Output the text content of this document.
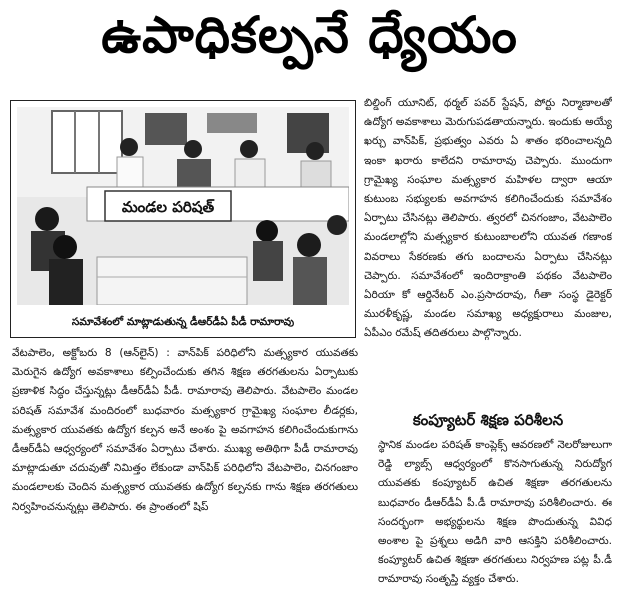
ఉపాధికల్పనే ధ్యేయం
మండల పరిషత్
సమావేశంలో మాట్లాడుతున్న డీఆర్‌డీఏ పీడీ రామారావు

బిల్డింగ్‌ యూనిట్‌, థర్మల్‌ పవర్‌ స్టేషన్‌, పోర్టు నిర్మాణాలతో ఉద్యోగ అవకాశాలు మెరుగుపడతాయన్నారు. ఇందుకు అయ్యే ఖర్చు వాన్‌పిక్‌, ప్రభుత్వం ఎవరు ఏ శాతం భరించాలన్నది ఇంకా ఖరారు కాలేదని రామారావు చెప్పారు. ముందుగా గ్రామైఖ్య సంఘాల మత్స్యకార మహిళల ద్వారా ఆయా కుటుంబ సభ్యులకు అవగాహన కలిగించేందుకు సమావేశం ఏర్పాటు చేసినట్లు తెలిపారు. త్వరలో చినగంజాం, వేటపాలెం మండలాల్లోని మత్స్యకార కుటుంబాలలోని యువత గణాంక వివరాలు సేకరణకు తగు బందాలను ఏర్పాటు చేసినట్లు చెప్పారు. సమావేశంలో ఇందిరాక్రాంతి పథకం వేటపాలెం ఏరియా కో ఆర్డినేటర్‌ ఎం.ప్రసాదరావు, గీతా సంస్థ డైరెక్టర్‌ మురళీకృష్ణ, మండల సమాఖ్య అధ్యక్షురాలు మంజుల, ఏపీఎం రమేష్‌ తదితరులు పాల్గొన్నారు.

వేటపాలెం, అక్టోబరు 8 (ఆన్‌లైన్‌) : వాన్‌పిక్‌ పరిధిలోని మత్స్యకార యువతకు మెరుగైన ఉద్యోగ అవకాశాలు కల్పించేందుకు తగిన శిక్షణ తరగతులను ఏర్పాటుకు ప్రణాళిక సిద్ధం చేస్తున్నట్లు డీఆర్‌డీఏ పీడీ. రామారావు తెలిపారు. వేటపాలెం మండల పరిషత్‌ సమావేశ మందిరంలో బుధవారం మత్స్యకార గ్రామైఖ్య సంఘాల లీడర్లకు, మత్స్యకార యువతకు ఉద్యోగ కల్పన అనే అంశం పై అవగాహన కలిగించేందుకుగాను డీఆర్‌డీఏ ఆధ్వర్యంలో సమావేశం ఏర్పాటు చేశారు. ముఖ్య అతిథిగా పీడీ రామారావు మాట్లాడుతూ చదువుతో నిమిత్తం లేకుండా వాన్‌పిక్‌ పరిధిలోని వేటపాలెం, చినగంజాం మండలాలకు చెందిన మత్స్యకార యువతకు ఉద్యోగ కల్పనకు గాను శిక్షణ తరగతులు నిర్వహించనున్నట్లు తెలిపారు. ఈ ప్రాంతంలో షిప్‌

కంప్యూటర్‌ శిక్షణ పరిశీలన

స్థానిక మండల పరిషత్‌ కాంప్లెక్స్‌ ఆవరణలో నెలరోజులుగా రెడ్డి ల్యాబ్స్‌ ఆధ్వర్యంలో కొనసాగుతున్న నిరుద్యోగ యువతకు కంప్యూటర్‌ ఉచిత శిక్షణా తరగతులను బుధవారం డీఆర్‌డీఏ పీ.డీ రామారావు పరిశీలించారు. ఈ సందర్భంగా అభ్యర్థులను శిక్షణ పొందుతున్న వివిధ అంశాల పై ప్రశ్నలు అడిగి వారి ఆసక్తిని పరిశీలించారు. కంప్యూటర్‌ ఉచిత శిక్షణా తరగతులు నిర్వహణ పట్ల పీ.డీ రామారావు సంతృప్తి వ్యక్తం చేశారు.
